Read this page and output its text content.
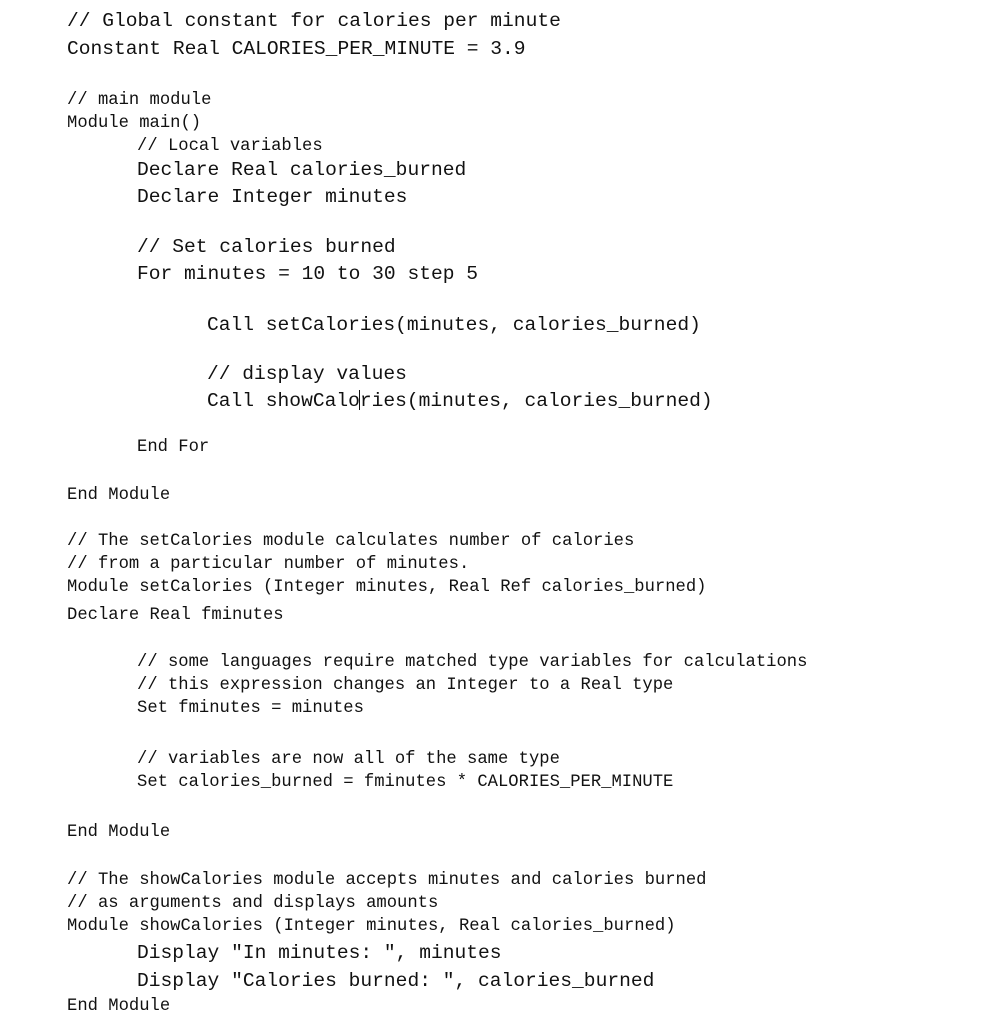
// Global constant for calories per minute
Constant Real CALORIES_PER_MINUTE = 3.9
// main module
Module main()
// Local variables
Declare Real calories_burned
Declare Integer minutes
// Set calories burned
For minutes = 10 to 30 step 5
Call setCalories(minutes, calories_burned)
// display values
Call showCalories(minutes, calories_burned)
End For
End Module
// The setCalories module calculates number of calories
// from a particular number of minutes.
Module setCalories (Integer minutes, Real Ref calories_burned)
Declare Real fminutes
// some languages require matched type variables for calculations
// this expression changes an Integer to a Real type
Set fminutes = minutes
// variables are now all of the same type
Set calories_burned = fminutes * CALORIES_PER_MINUTE
End Module
// The showCalories module accepts minutes and calories burned
// as arguments and displays amounts
Module showCalories (Integer minutes, Real calories_burned)
Display "In minutes: ", minutes
Display "Calories burned: ", calories_burned
End Module
